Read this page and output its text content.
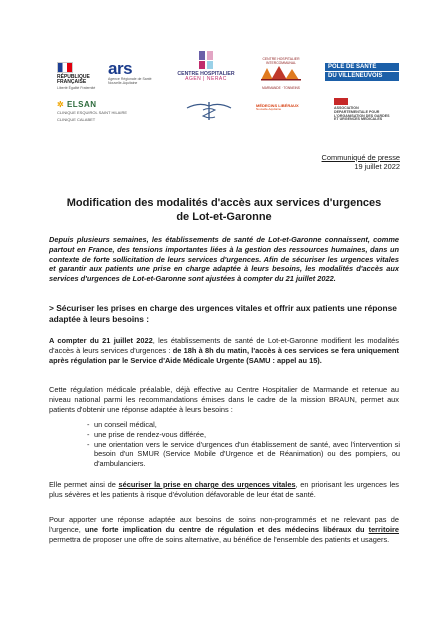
RÉPUBLIQUE
FRANÇAISE
Liberté Égalité Fraternité
ars
Agence Régionale de Santé Nouvelle-Aquitaine
CENTRE HOSPITALIER
AGEN | NERAC
CENTRE HOSPITALIER INTERCOMMUNAL
MARMANDE · TONNEINS
PÔLE DE SANTÉ
DU VILLENEUVOIS
✲ ELSAN
CLINIQUE ESQUIROL SAINT HILAIRE
CLINIQUE CALABET
MÉDECINS LIBÉRAUX
Nouvelle-Aquitaine	ASSOCIATION
DEPARTEMENTALE POUR
L'ORGANISATION DES GARDES
ET URGENCES MEDICALES
Communiqué de presse
19 juillet 2022
Modification des modalités d'accès aux services d'urgences
de Lot-et-Garonne

Depuis plusieurs semaines, les établissements de santé de Lot-et-Garonne connaissent, comme partout en France, des tensions importantes liées à la gestion des ressources humaines, dans un contexte de forte sollicitation de leurs services d'urgences. Afin de sécuriser les urgences vitales et garantir aux patients une prise en charge adaptée à leurs besoins, les modalités d'accès aux services d'urgences de Lot-et-Garonne sont ajustées à compter du 21 juillet 2022.

> Sécuriser les prises en charge des urgences vitales et offrir aux patients une réponse adaptée à leurs besoins :

A compter du 21 juillet 2022, les établissements de santé de Lot-et-Garonne modifient les modalités d'accès à leurs services d'urgences : de 18h à 8h du matin, l'accès à ces services se fera uniquement après régulation par le Service d'Aide Médicale Urgente (SAMU : appel au 15).

Cette régulation médicale préalable, déjà effective au Centre Hospitalier de Marmande et retenue au niveau national parmi les recommandations émises dans le cadre de la mission BRAUN, permet aux patients d'obtenir une réponse adaptée à leurs besoins :

- un conseil médical,
- une prise de rendez-vous différée,
- une orientation vers le service d'urgences d'un établissement de santé, avec l'intervention si besoin d'un SMUR (Service Mobile d'Urgence et de Réanimation) ou des pompiers, ou d'ambulanciers.

Elle permet ainsi de sécuriser la prise en charge des urgences vitales, en priorisant les urgences les plus sévères et les patients à risque d'évolution défavorable de leur état de santé.

Pour apporter une réponse adaptée aux besoins de soins non-programmés et ne relevant pas de l'urgence, une forte implication du centre de régulation et des médecins libéraux du territoire permettra de proposer une offre de soins alternative, au bénéfice de l'ensemble des patients et usagers.
